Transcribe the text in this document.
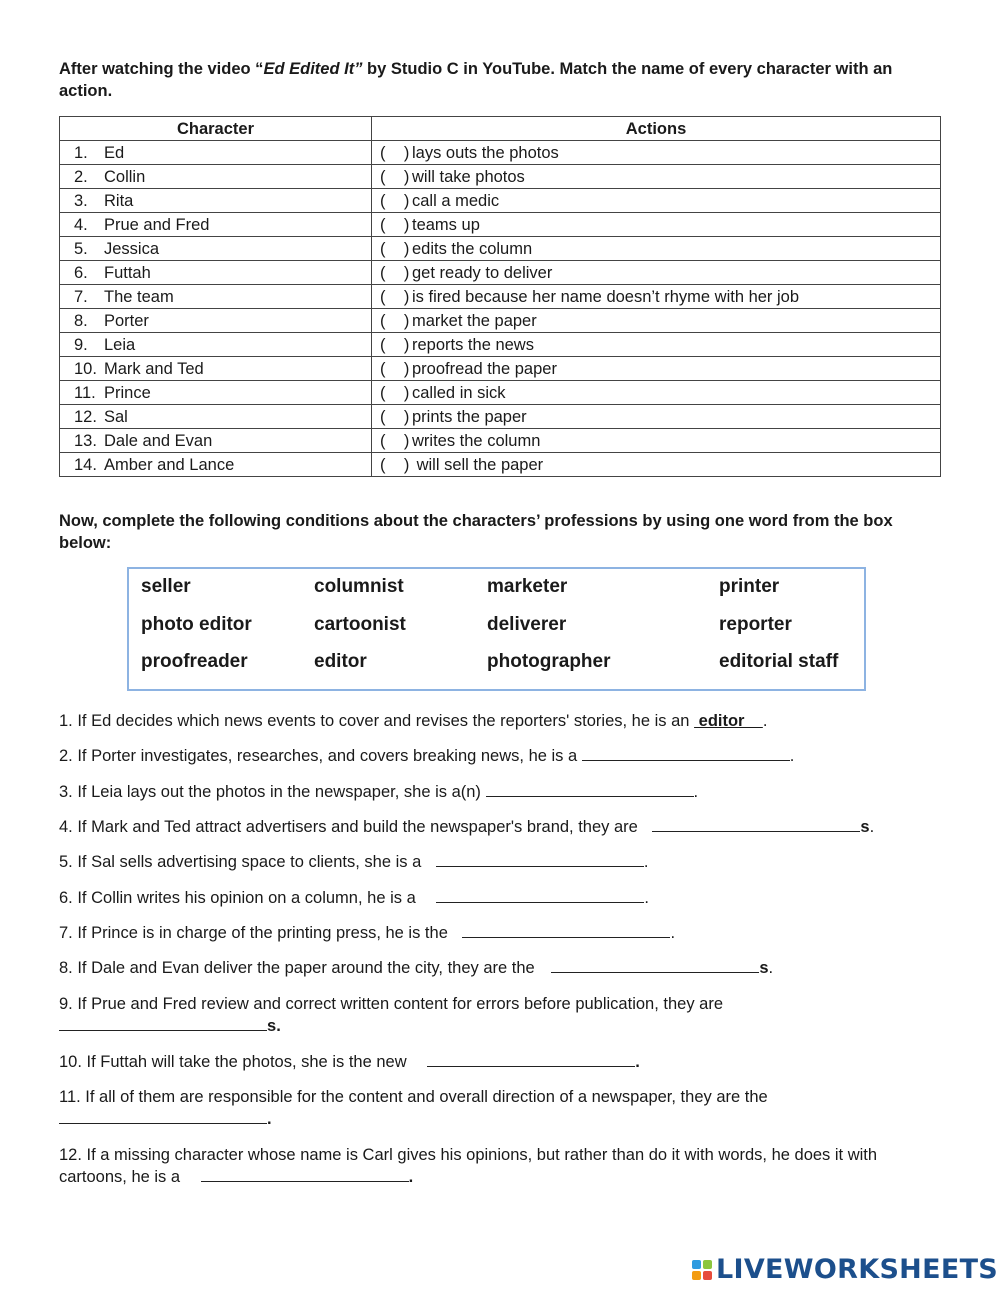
After watching the video “Ed Edited It” by Studio C in YouTube. Match the name of every character with an action.
Character	Actions
1. Ed	(    ) lays outs the photos
2. Collin	(    ) will take photos
3. Rita	(    ) call a medic
4. Prue and Fred	(    ) teams up
5. Jessica	(    ) edits the column
6. Futtah	(    ) get ready to deliver
7. The team	(    ) is fired because her name doesn’t rhyme with her job
8. Porter	(    ) market the paper
9. Leia	(    ) reports the news
10. Mark and Ted	(    ) proofread the paper
11. Prince	(    ) called in sick
12. Sal	(    ) prints the paper
13. Dale and Evan	(    ) writes the column
14. Amber and Lance	(    ) will sell the paper
Now, complete the following conditions about the characters’ professions by using one word from the box below:
seller	columnist	marketer	printer
photo editor	cartoonist	deliverer	reporter
proofreader	editor	photographer	editorial staff
1. If Ed decides which news events to cover and revises the reporters' stories, he is an  editor    .
2. If Porter investigates, researches, and covers breaking news, he is a	.
3. If Leia lays out the photos in the newspaper, she is a(n)	.
4. If Mark and Ted attract advertisers and build the newspaper's brand, they are	s.
5. If Sal sells advertising space to clients, she is a	.
6. If Collin writes his opinion on a column, he is a	.
7. If Prince is in charge of the printing press, he is the	.
8. If Dale and Evan deliver the paper around the city, they are the	s.
9. If Prue and Fred review and correct written content for errors before publication, they are
s.
10. If Futtah will take the photos, she is the new	.
11. If all of them are responsible for the content and overall direction of a newspaper, they are the
.
12. If a missing character whose name is Carl gives his opinions, but rather than do it with words, he does it with cartoons, he is a	.
LIVEWORKSHEETS
